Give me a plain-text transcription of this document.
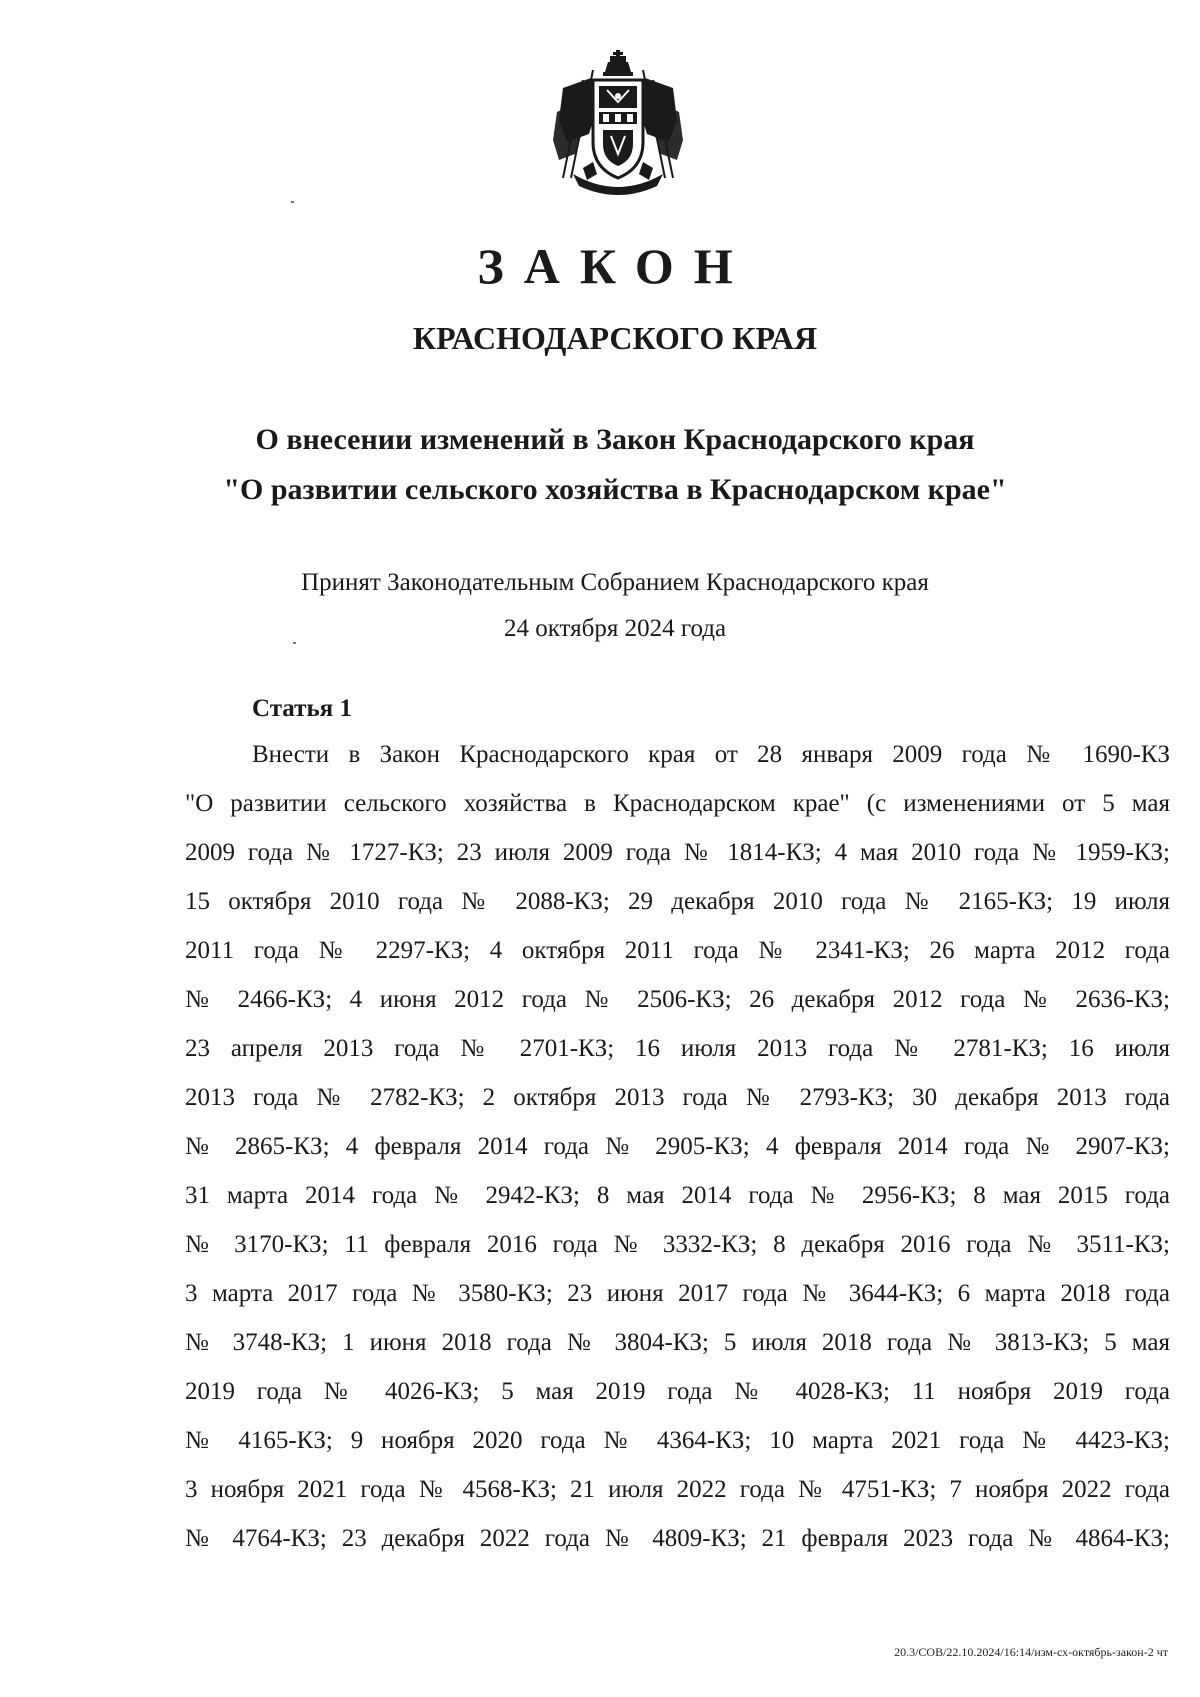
ЗАКОН
КРАСНОДАРСКОГО КРАЯ

О внесении изменений в Закон Краснодарского края

"О развитии сельского хозяйства в Краснодарском крае"

Принят Законодательным Собранием Краснодарского края

24 октября 2024 года

Статья 1

Внести в Закон Краснодарского края от 28 января 2009 года № 1690-КЗ

"О развитии сельского хозяйства в Краснодарском крае" (с изменениями от 5 мая

2009 года № 1727-КЗ; 23 июля 2009 года № 1814-КЗ; 4 мая 2010 года № 1959-КЗ;

15 октября 2010 года № 2088-КЗ; 29 декабря 2010 года № 2165-КЗ; 19 июля

2011 года № 2297-КЗ; 4 октября 2011 года № 2341-КЗ; 26 марта 2012 года

№ 2466-КЗ; 4 июня 2012 года № 2506-КЗ; 26 декабря 2012 года № 2636-КЗ;

23 апреля 2013 года № 2701-КЗ; 16 июля 2013 года № 2781-КЗ; 16 июля

2013 года № 2782-КЗ; 2 октября 2013 года № 2793-КЗ; 30 декабря 2013 года

№ 2865-КЗ; 4 февраля 2014 года № 2905-КЗ; 4 февраля 2014 года № 2907-КЗ;

31 марта 2014 года № 2942-КЗ; 8 мая 2014 года № 2956-КЗ; 8 мая 2015 года

№ 3170-КЗ; 11 февраля 2016 года № 3332-КЗ; 8 декабря 2016 года № 3511-КЗ;

3 марта 2017 года № 3580-КЗ; 23 июня 2017 года № 3644-КЗ; 6 марта 2018 года

№ 3748-КЗ; 1 июня 2018 года № 3804-КЗ; 5 июля 2018 года № 3813-КЗ; 5 мая

2019 года № 4026-КЗ; 5 мая 2019 года № 4028-КЗ; 11 ноября 2019 года

№ 4165-КЗ; 9 ноября 2020 года № 4364-КЗ; 10 марта 2021 года № 4423-КЗ;

3 ноября 2021 года № 4568-КЗ; 21 июля 2022 года № 4751-КЗ; 7 ноября 2022 года

№ 4764-КЗ; 23 декабря 2022 года № 4809-КЗ; 21 февраля 2023 года № 4864-КЗ;

20.3/СОВ/22.10.2024/16:14/изм-сх-октябрь-закон-2 чт
